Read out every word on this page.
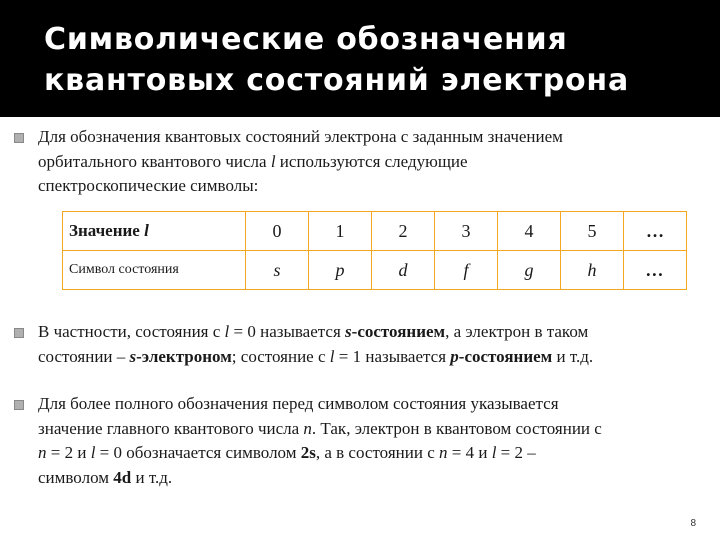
Символические обозначения
квантовых состояний электрона
Для обозначения квантовых состояний электрона с заданным значением
орбитального квантового числа l используются следующие
спектроскопические символы:
Значение l	0	1	2	3	4	5	…
Символ состояния	s	p	d	f	g	h	…
В частности, состояния с l = 0 называется s-состоянием, а электрон в таком
состоянии – s-электроном; состояние с l = 1 называется p-состоянием и т.д.
Для более полного обозначения перед символом состояния указывается
значение главного квантового числа n. Так, электрон в квантовом состоянии с
n = 2 и l = 0 обозначается символом 2s, а в состоянии с n = 4 и l = 2 –
символом 4d и т.д.
8
